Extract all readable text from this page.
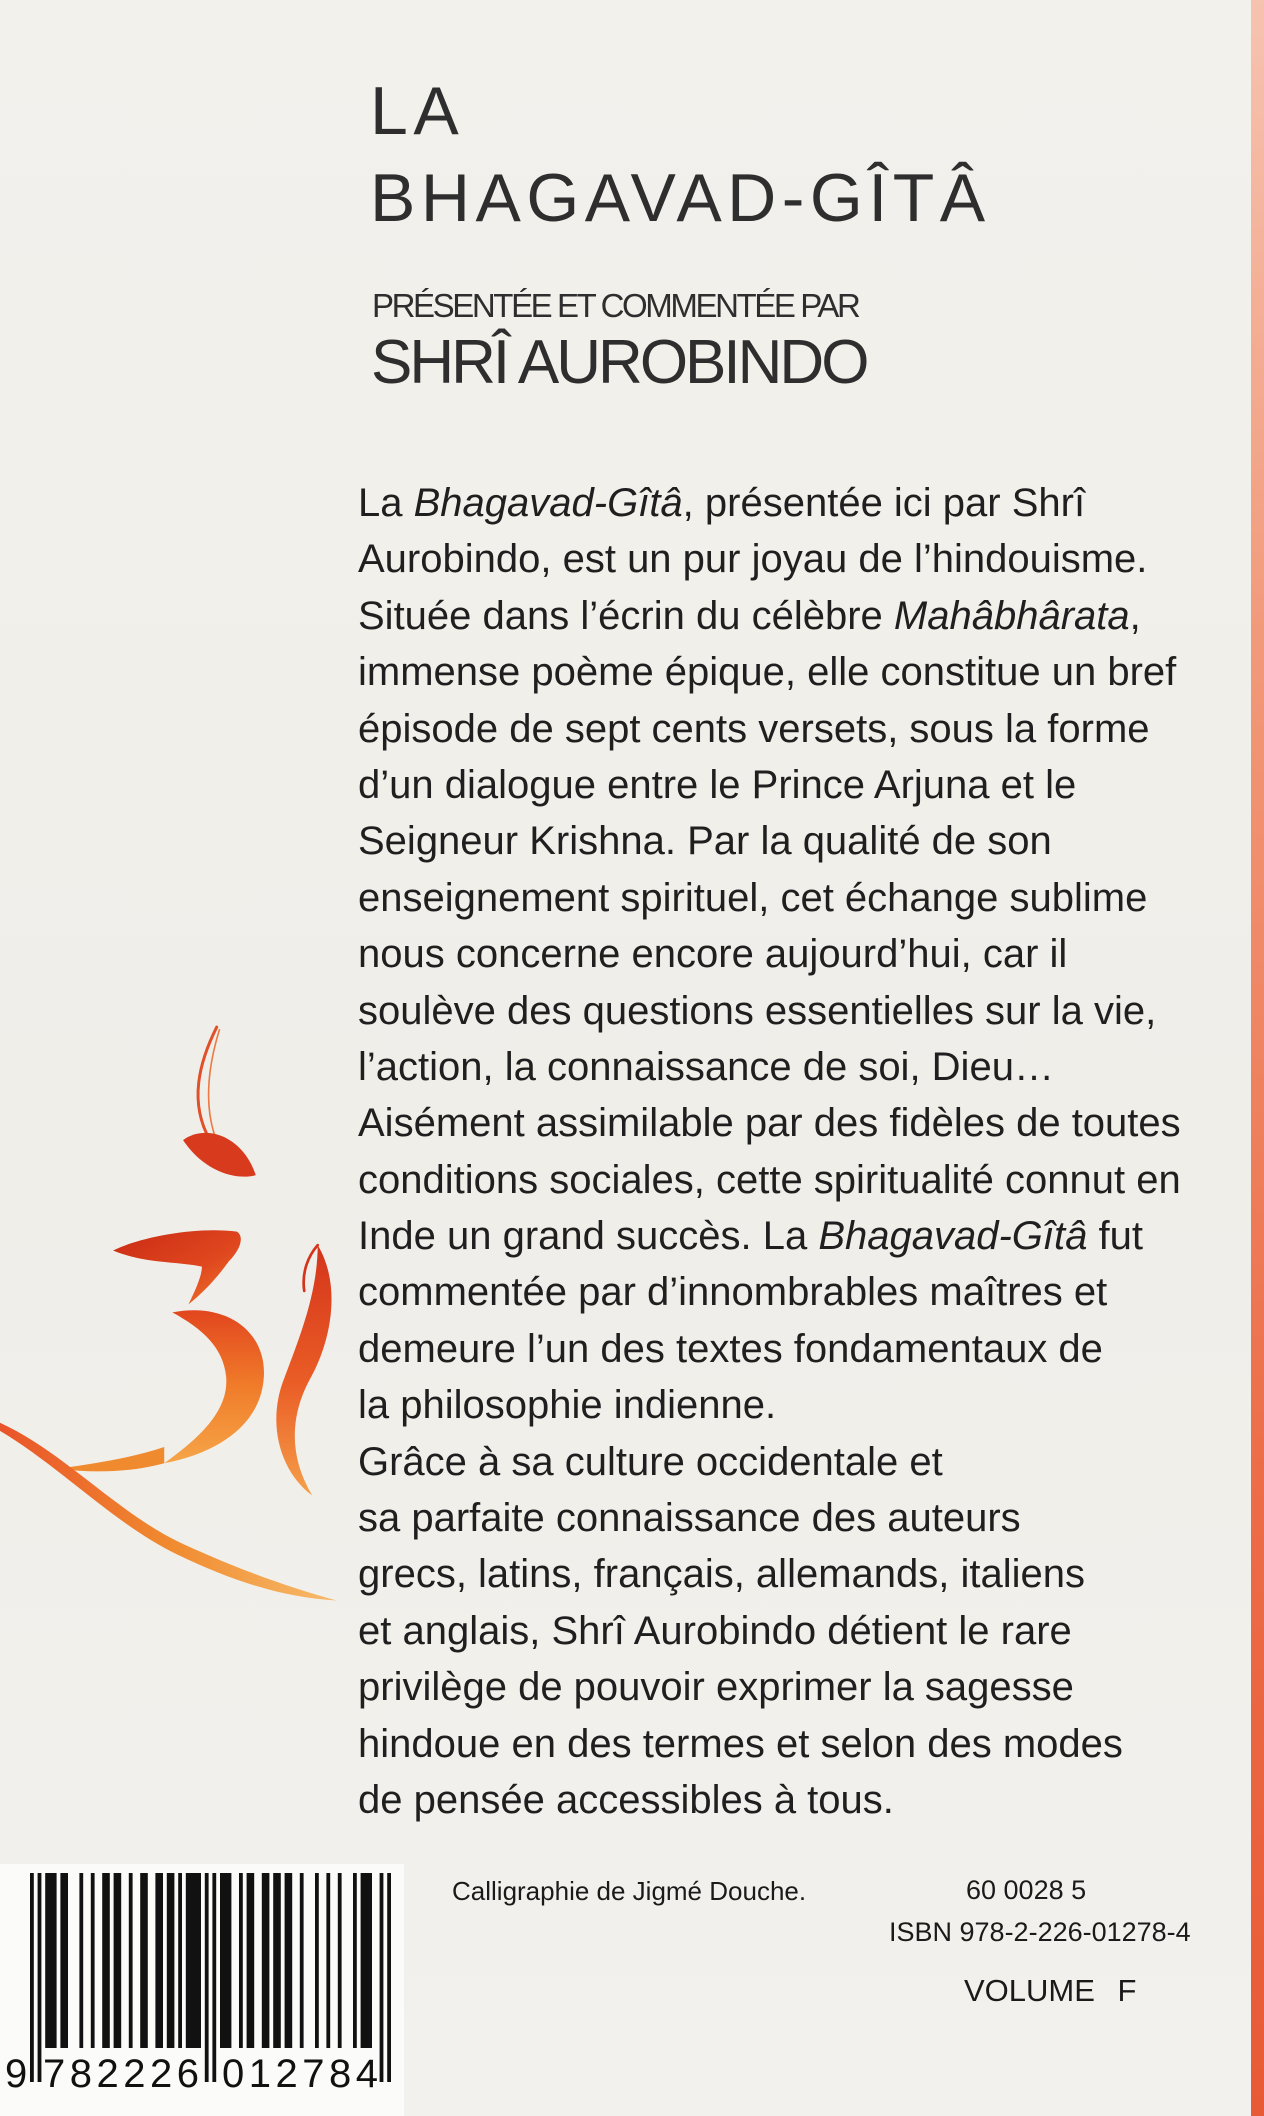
LA
BHAGAVAD-GÎTÂ
PRÉSENTÉE ET COMMENTÉE PAR
SHRÎ AUROBINDO
La Bhagavad-Gîtâ, présentée ici par Shrî
Aurobindo, est un pur joyau de l’hindouisme.
Située dans l’écrin du célèbre Mahâbhârata,
immense poème épique, elle constitue un bref
épisode de sept cents versets, sous la forme
d’un dialogue entre le Prince Arjuna et le
Seigneur Krishna. Par la qualité de son
enseignement spirituel, cet échange sublime
nous concerne encore aujourd’hui, car il
soulève des questions essentielles sur la vie,
l’action, la connaissance de soi, Dieu…
Aisément assimilable par des fidèles de toutes
conditions sociales, cette spiritualité connut en
Inde un grand succès. La Bhagavad-Gîtâ fut
commentée par d’innombrables maîtres et
demeure l’un des textes fondamentaux de
la philosophie indienne.
Grâce à sa culture occidentale et
sa parfaite connaissance des auteurs
grecs, latins, français, allemands, italiens
et anglais, Shrî Aurobindo détient le rare
privilège de pouvoir exprimer la sagesse
hindoue en des termes et selon des modes
de pensée accessibles à tous.
9 782226 012784
Calligraphie de Jigmé Douche.	60 0028 5
ISBN 978-2-226-01278-4
VOLUME F
